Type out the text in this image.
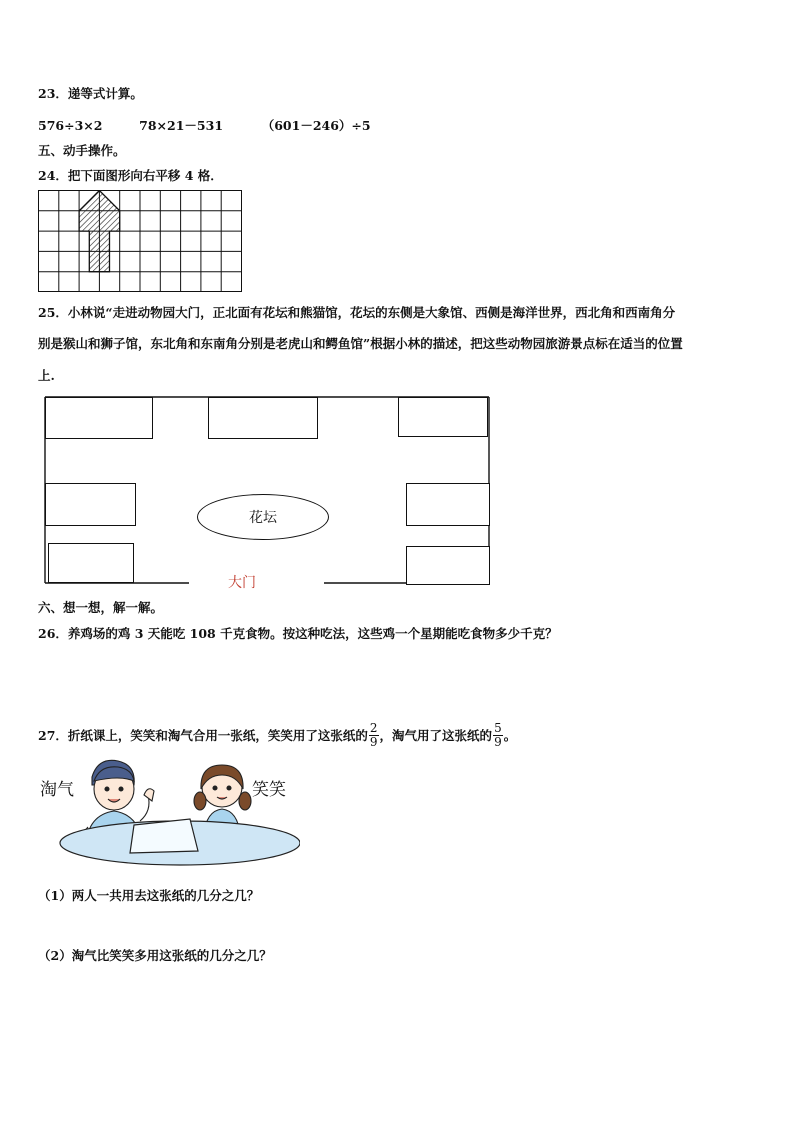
23．递等式计算。
576÷3×2	78×21－531	（601－246）÷5
五、动手操作。
24．把下面图形向右平移 4 格．
25．小林说“走进动物园大门，正北面有花坛和熊猫馆，花坛的东侧是大象馆、西侧是海洋世界，西北角和西南角分
别是猴山和狮子馆，东北角和东南角分别是老虎山和鳄鱼馆”根据小林的描述，把这些动物园旅游景点标在适当的位置
上.
花坛
大门
六、想一想，解一解。
26．养鸡场的鸡 3 天能吃 108 千克食物。按这种吃法，这些鸡一个星期能吃食物多少千克？
27．折纸课上，笑笑和淘气合用一张纸，笑笑用了这张纸的 $\frac{2}{9}$ ，淘气用了这张纸的 $\frac{5}{9}$ 。
淘气	笑笑
（1）两人一共用去这张纸的几分之几？
（2）淘气比笑笑多用这张纸的几分之几？
